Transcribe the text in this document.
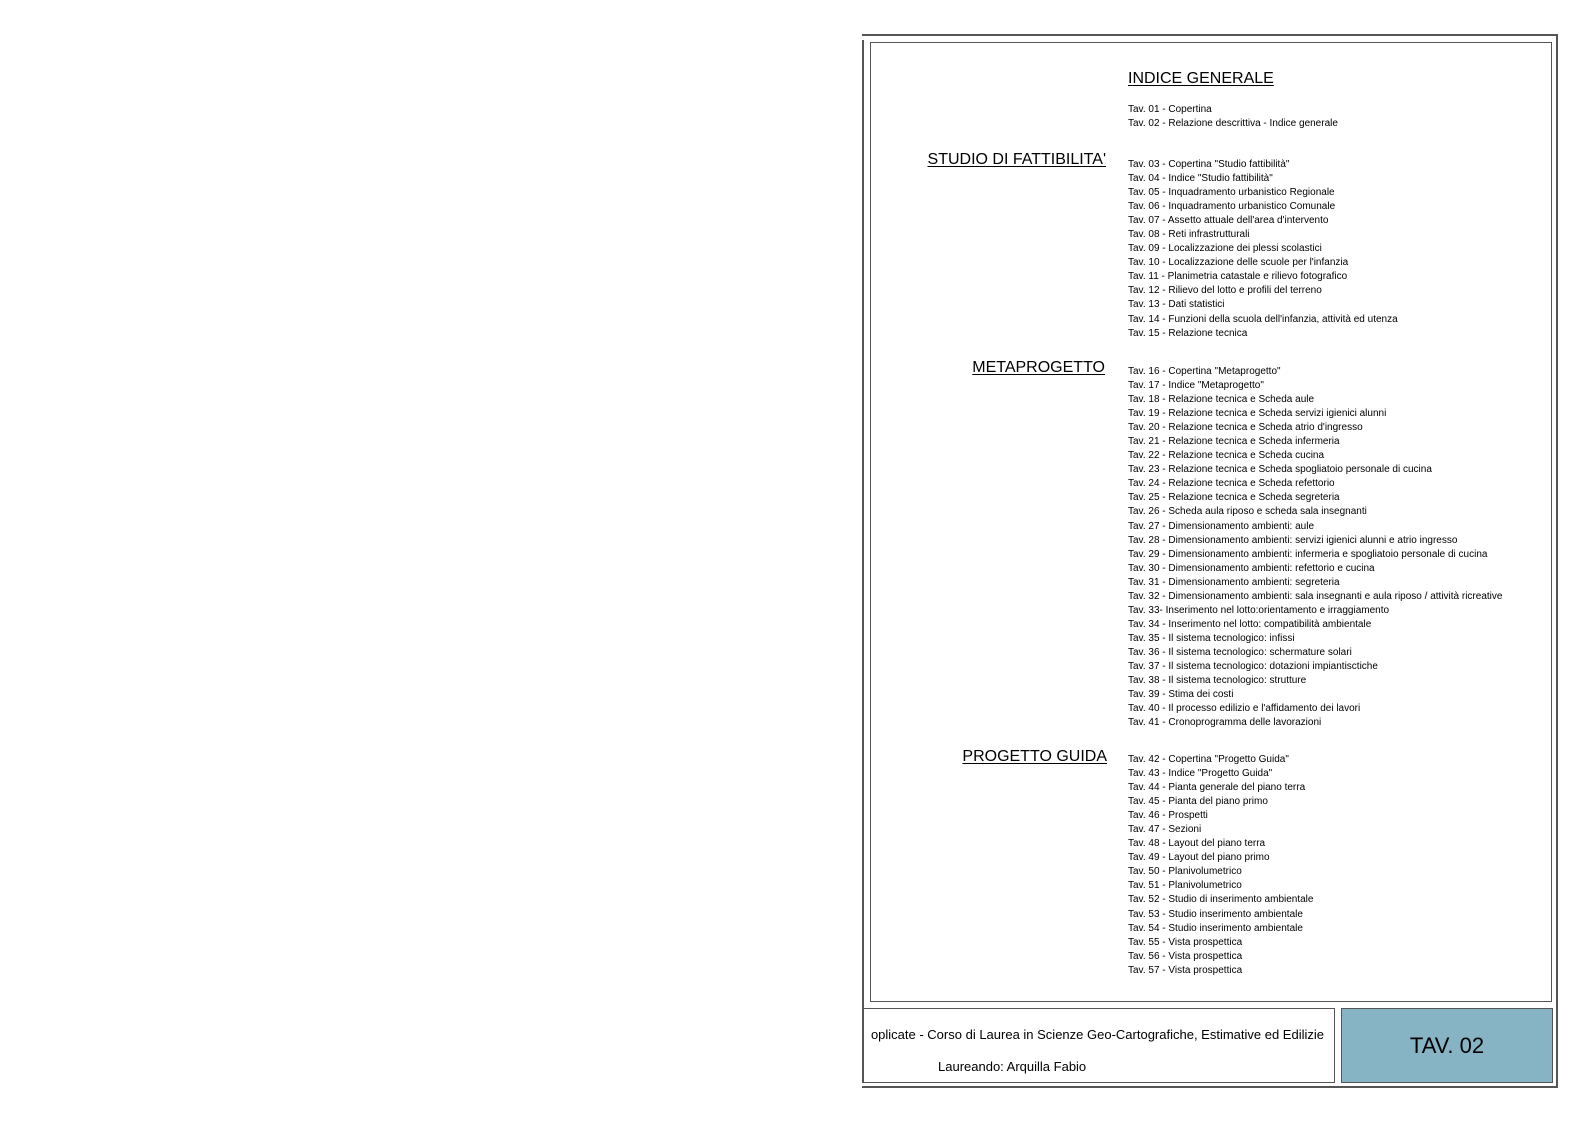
INDICE GENERALE
Tav. 01 - Copertina
Tav. 02 - Relazione descrittiva - Indice generale
STUDIO DI FATTIBILITA' Tav. 03 - Copertina "Studio fattibilità"
Tav. 04 - Indice "Studio fattibilità"
Tav. 05 - Inquadramento urbanistico Regionale
Tav. 06 - Inquadramento urbanistico Comunale
Tav. 07 - Assetto attuale dell'area d'intervento
Tav. 08 - Reti infrastrutturali
Tav. 09 - Localizzazione dei plessi scolastici
Tav. 10 - Localizzazione delle scuole per l'infanzia
Tav. 11 - Planimetria catastale e rilievo fotografico
Tav. 12 - Rilievo del lotto e profili del terreno
Tav. 13 - Dati statistici
Tav. 14 - Funzioni della scuola dell'infanzia, attività ed utenza
Tav. 15 - Relazione tecnica
METAPROGETTO Tav. 16 - Copertina "Metaprogetto"
Tav. 17 - Indice "Metaprogetto"
Tav. 18 - Relazione tecnica e Scheda aule
Tav. 19 - Relazione tecnica e Scheda servizi igienici alunni
Tav. 20 - Relazione tecnica e Scheda atrio d'ingresso
Tav. 21 - Relazione tecnica e Scheda infermeria
Tav. 22 - Relazione tecnica e Scheda cucina
Tav. 23 - Relazione tecnica e Scheda spogliatoio personale di cucina
Tav. 24 - Relazione tecnica e Scheda refettorio
Tav. 25 - Relazione tecnica e Scheda segreteria
Tav. 26 - Scheda aula riposo e scheda sala insegnanti
Tav. 27 - Dimensionamento ambienti: aule
Tav. 28 - Dimensionamento ambienti: servizi igienici alunni e atrio ingresso
Tav. 29 - Dimensionamento ambienti: infermeria e spogliatoio personale di cucina
Tav. 30 - Dimensionamento ambienti: refettorio e cucina
Tav. 31 - Dimensionamento ambienti: segreteria
Tav. 32 - Dimensionamento ambienti: sala insegnanti e aula riposo / attività ricreative
Tav. 33- Inserimento nel lotto:orientamento e irraggiamento
Tav. 34 - Inserimento nel lotto: compatibilità ambientale
Tav. 35 - Il sistema tecnologico: infissi
Tav. 36 - Il sistema tecnologico: schermature solari
Tav. 37 - Il sistema tecnologico: dotazioni impiantisctiche
Tav. 38 - Il sistema tecnologico: strutture
Tav. 39 - Stima dei costi
Tav. 40 - Il processo edilizio e l'affidamento dei lavori
Tav. 41 - Cronoprogramma delle lavorazioni
PROGETTO GUIDA Tav. 42 - Copertina "Progetto Guida"
Tav. 43 - Indice "Progetto Guida"
Tav. 44 - Pianta generale del piano terra
Tav. 45 - Pianta del piano primo
Tav. 46 - Prospetti
Tav. 47 - Sezioni
Tav. 48 - Layout del piano terra
Tav. 49 - Layout del piano primo
Tav. 50 - Planivolumetrico
Tav. 51 - Planivolumetrico
Tav. 52 - Studio di inserimento ambientale
Tav. 53 - Studio inserimento ambientale
Tav. 54 - Studio inserimento ambientale
Tav. 55 - Vista prospettica
Tav. 56 - Vista prospettica
Tav. 57 - Vista prospettica
oplicate - Corso di Laurea in Scienze Geo-Cartografiche, Estimative ed Edilizie
Laureando: Arquilla Fabio
TAV. 02
